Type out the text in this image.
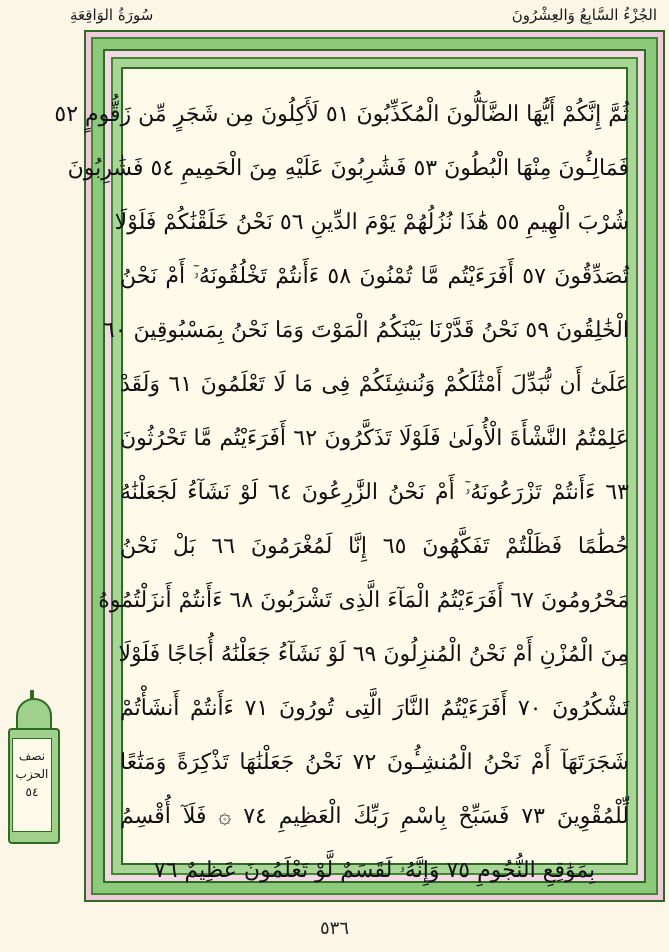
الجُزْءُ السَّابِعُ وَالعِشْرُونَ
سُورَةُ الوَاقِعَةِ
ثُمَّ إِنَّكُمْ أَيُّهَا الضَّآلُّونَ الْمُكَذِّبُونَ ٥١ لَأَكِلُونَ مِن شَجَرٍ مِّن زَقُّومٍ ٥٢
فَمَالِـُٔونَ مِنْهَا الْبُطُونَ ٥٣ فَشَٰرِبُونَ عَلَيْهِ مِنَ الْحَمِيمِ ٥٤ فَشَٰرِبُونَ
شُرْبَ الْهِيمِ ٥٥ هَٰذَا نُزُلُهُمْ يَوْمَ الدِّينِ ٥٦ نَحْنُ خَلَقْنَٰكُمْ فَلَوْلَا
تُصَدِّقُونَ ٥٧ أَفَرَءَيْتُم مَّا تُمْنُونَ ٥٨ ءَأَنتُمْ تَخْلُقُونَهُۥٓ أَمْ نَحْنُ
الْخَٰلِقُونَ ٥٩ نَحْنُ قَدَّرْنَا بَيْنَكُمُ الْمَوْتَ وَمَا نَحْنُ بِمَسْبُوقِينَ ٦٠
عَلَىٰٓ أَن نُّبَدِّلَ أَمْثَٰلَكُمْ وَنُنشِئَكُمْ فِى مَا لَا تَعْلَمُونَ ٦١ وَلَقَدْ
عَلِمْتُمُ النَّشْأَةَ الْأُولَىٰ فَلَوْلَا تَذَكَّرُونَ ٦٢ أَفَرَءَيْتُم مَّا تَحْرُثُونَ
٦٣ ءَأَنتُمْ تَزْرَعُونَهُۥٓ أَمْ نَحْنُ الزَّٰرِعُونَ ٦٤ لَوْ نَشَآءُ لَجَعَلْنَٰهُ
حُطَٰمًا فَظَلْتُمْ تَفَكَّهُونَ ٦٥ إِنَّا لَمُغْرَمُونَ ٦٦ بَلْ نَحْنُ
مَحْرُومُونَ ٦٧ أَفَرَءَيْتُمُ الْمَآءَ الَّذِى تَشْرَبُونَ ٦٨ ءَأَنتُمْ أَنزَلْتُمُوهُ
مِنَ الْمُزْنِ أَمْ نَحْنُ الْمُنزِلُونَ ٦٩ لَوْ نَشَآءُ جَعَلْنَٰهُ أُجَاجًا فَلَوْلَا
تَشْكُرُونَ ٧٠ أَفَرَءَيْتُمُ النَّارَ الَّتِى تُورُونَ ٧١ ءَأَنتُمْ أَنشَأْتُمْ
شَجَرَتَهَآ أَمْ نَحْنُ الْمُنشِـُٔونَ ٧٢ نَحْنُ جَعَلْنَٰهَا تَذْكِرَةً وَمَتَٰعًا
لِّلْمُقْوِينَ ٧٣ فَسَبِّحْ بِاسْمِ رَبِّكَ الْعَظِيمِ ٧٤ ۞ فَلَآ أُقْسِمُ
بِمَوَٰقِعِ النُّجُومِ ٧٥ وَإِنَّهُۥ لَقَسَمٌ لَّوْ تَعْلَمُونَ عَظِيمٌ ٧٦
نصف
الحزب
٥٤
٥٣٦
